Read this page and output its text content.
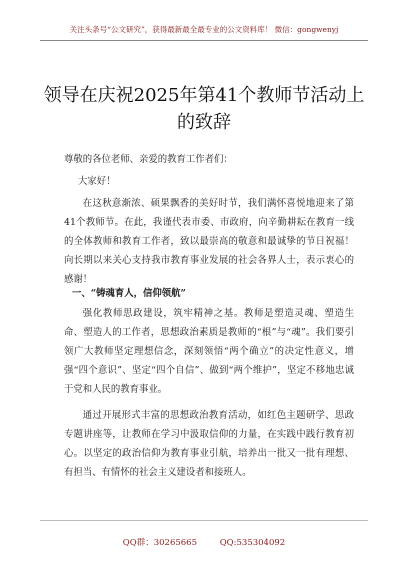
关注头条号“公文研究”，获得最新最全最专业的公文资料库！ 微信：gongwenyj
领导在庆祝2025年第41个教师节活动上的致辞

尊敬的各位老师、亲爱的教育工作者们：

大家好！

在这秋意渐浓、硕果飘香的美好时节，我们满怀喜悦地迎来了第41个教师节。在此，我谨代表市委、市政府，向辛勤耕耘在教育一线的全体教师和教育工作者，致以最崇高的敬意和最诚挚的节日祝福！向长期以来关心支持我市教育事业发展的社会各界人士，表示衷心的感谢！

一、“铸魂育人，信仰领航”

强化教师思政建设，筑牢精神之基。教师是塑造灵魂、塑造生命、塑造人的工作者，思想政治素质是教师的“根”与“魂”。我们要引领广大教师坚定理想信念，深刻领悟“两个确立”的决定性意义，增强“四个意识”、坚定“四个自信”、做到“两个维护”，坚定不移地忠诚于党和人民的教育事业。

通过开展形式丰富的思想政治教育活动，如红色主题研学、思政专题讲座等，让教师在学习中汲取信仰的力量，在实践中践行教育初心。以坚定的政治信仰为教育事业引航，培养出一批又一批有理想、有担当、有情怀的社会主义建设者和接班人。

QQ群：30265665	QQ:535304092
